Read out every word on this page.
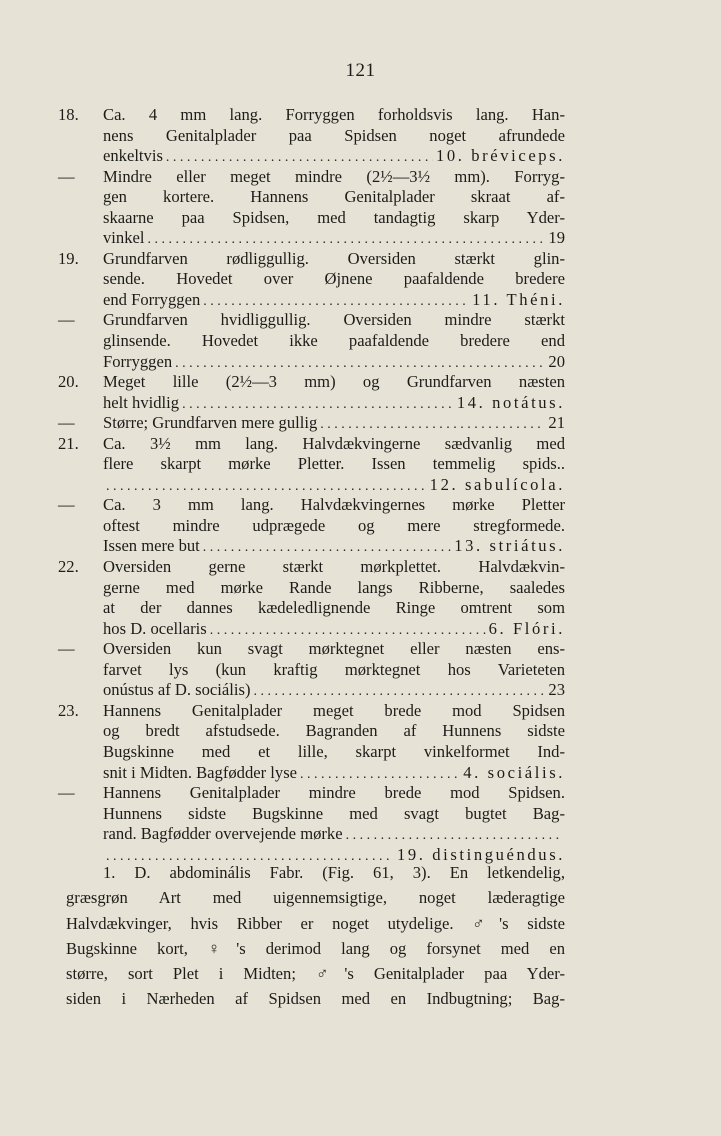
121
18.	Ca. 4 mm lang. Forryggen forholdsvis lang. Han-
nens Genitalplader paa Spidsen noget afrundede
enkeltvis . . .	10. bréviceps.
—	Mindre eller meget mindre (2½—3½ mm). Forryg-
gen kortere. Hannens Genitalplader skraat af-
skaarne paa Spidsen, med tandagtig skarp Yder-
vinkel . . .	19
19.	Grundfarven rødliggullig. Oversiden stærkt glin-
sende. Hovedet over Øjnene paafaldende bredere
end Forryggen . . .	11. Théni.
—	Grundfarven hvidliggullig. Oversiden mindre stærkt
glinsende. Hovedet ikke paafaldende bredere end
Forryggen . . .	20
20.	Meget lille (2½—3 mm) og Grundfarven næsten
helt hvidlig . . .	14. notátus.
—	Større; Grundfarven mere gullig . . .	21
21.	Ca. 3½ mm lang. Halvdækvingerne sædvanlig med
flere skarpt mørke Pletter. Issen temmelig spids..
. . .
12. sabulícola.
—	Ca. 3 mm lang. Halvdækvingernes mørke Pletter
oftest mindre udprægede og mere stregformede.
Issen mere but . . .	13. striátus.
22.	Oversiden gerne stærkt mørkplettet. Halvdækvin-
gerne med mørke Rande langs Ribberne, saaledes
at der dannes kædeledlignende Ringe omtrent som
hos D. ocellaris . . .	6. Flóri.
—	Oversiden kun svagt mørktegnet eller næsten ens-
farvet lys (kun kraftig mørktegnet hos Varieteten
onústus af D. sociális) . . .	23
23.	Hannens Genitalplader meget brede mod Spidsen
og bredt afstudsede. Bagranden af Hunnens sidste
Bugskinne med et lille, skarpt vinkelformet Ind-
snit i Midten. Bagfødder lyse . . .	4. sociális.
—	Hannens Genitalplader mindre brede mod Spidsen.
Hunnens sidste Bugskinne med svagt bugtet Bag-
rand. Bagfødder overvejende mørke
. . .
. . .
19. distinguéndus.
1. D. abdominális Fabr. (Fig. 61, 3). En letkendelig,
græsgrøn Art med uigennemsigtige, noget læderagtige
Halvdækvinger, hvis Ribber er noget utydelige. ♂'s sidste
Bugskinne kort, ♀'s derimod lang og forsynet med en
større, sort Plet i Midten; ♂'s Genitalplader paa Yder-
siden i Nærheden af Spidsen med en Indbugtning; Bag-
